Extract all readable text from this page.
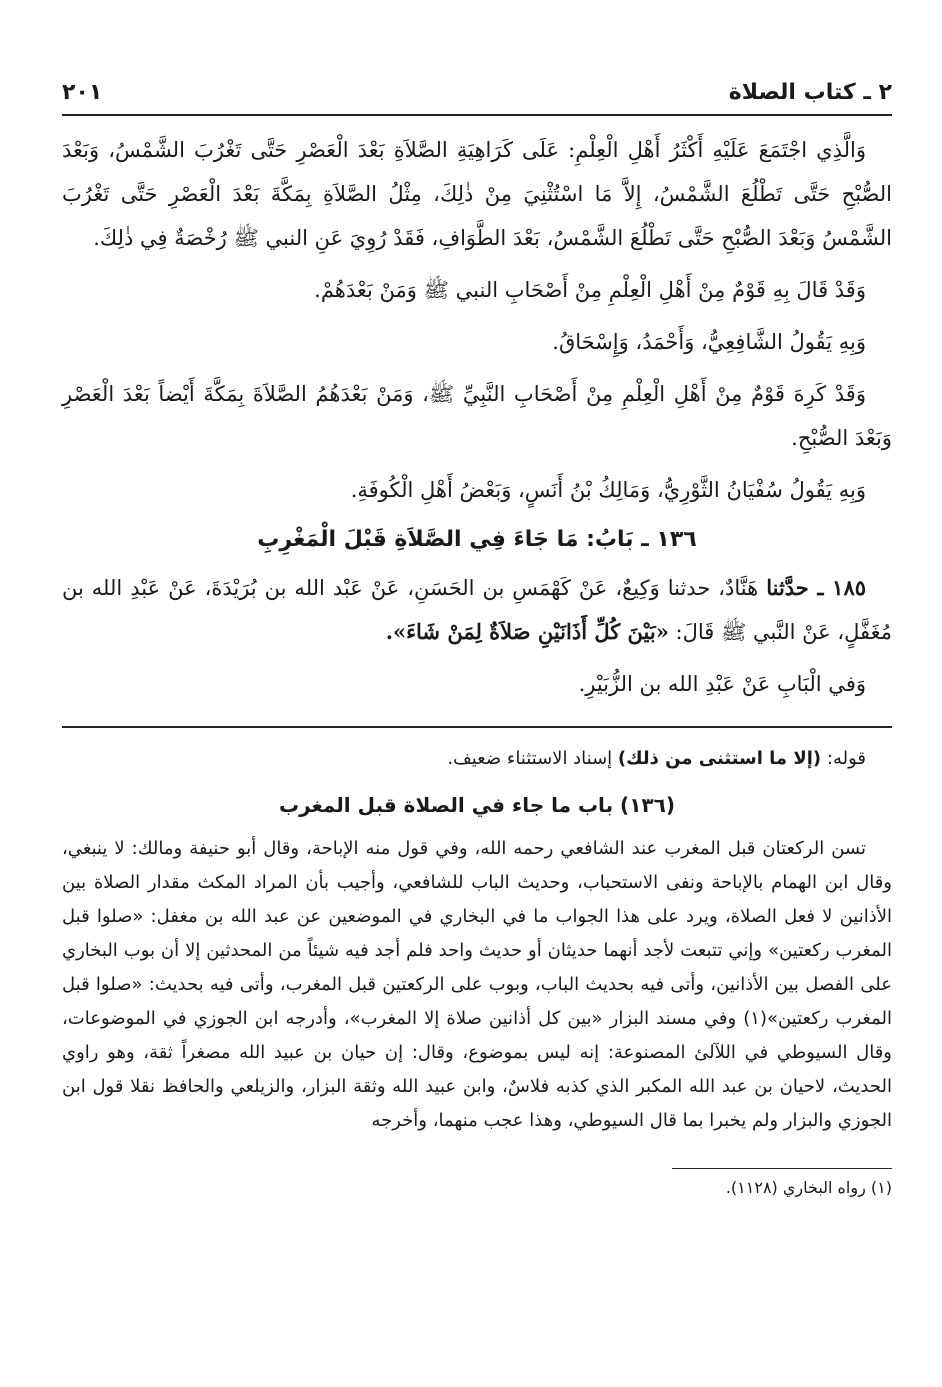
٢ ـ كتاب الصلاة
٢٠١

وَالَّذِي اجْتَمَعَ عَلَيْهِ أَكْثَرُ أَهْلِ الْعِلْمِ: عَلَى كَرَاهِيَةِ الصَّلاَةِ بَعْدَ الْعَصْرِ حَتَّى تَغْرُبَ الشَّمْسُ، وَبَعْدَ الصُّبْحِ حَتَّى تَطْلُعَ الشَّمْسُ، إِلاَّ مَا اسْتُثْنِيَ مِنْ ذٰلِكَ، مِثْلُ الصَّلاَةِ بِمَكَّةَ بَعْدَ الْعَصْرِ حَتَّى تَغْرُبَ الشَّمْسُ وَبَعْدَ الصُّبْحِ حَتَّى تَطْلُعَ الشَّمْسُ، بَعْدَ الطَّوَافِ، فَقَدْ رُوِيَ عَنِ النبي ﷺ رُخْصَةٌ فِي ذٰلِكَ.

وَقَدْ قَالَ بِهِ قَوْمٌ مِنْ أَهْلِ الْعِلْمِ مِنْ أَصْحَابِ النبي ﷺ وَمَنْ بَعْدَهُمْ.

وَبِهِ يَقُولُ الشَّافِعِيُّ، وَأَحْمَدُ، وَإِسْحَاقُ.

وَقَدْ كَرِهَ قَوْمٌ مِنْ أَهْلِ الْعِلْمِ مِنْ أَصْحَابِ النَّبِيِّ ﷺ، وَمَنْ بَعْدَهُمُ الصَّلاَةَ بِمَكَّةَ أَيْضاً بَعْدَ الْعَصْرِ وَبَعْدَ الصُّبْحِ.

وَبِهِ يَقُولُ سُفْيَانُ الثَّوْرِيُّ، وَمَالِكُ بْنُ أَنَسٍ، وَبَعْضُ أَهْلِ الْكُوفَةِ.

١٣٦ ـ بَابُ: مَا جَاءَ فِي الصَّلاَةِ قَبْلَ الْمَغْرِبِ

١٨٥ ـ حدَّثنا هَنَّادٌ، حدثنا وَكِيعٌ، عَنْ كَهْمَسِ بن الحَسَنِ، عَنْ عَبْد الله بن بُرَيْدَةَ، عَنْ عَبْدِ الله بن مُغَفَّلٍ، عَنْ النَّبي ﷺ قَالَ: «بَيْنَ كُلِّ أَذَانَيْنِ صَلاَةٌ لِمَنْ شَاءَ».

وَفي الْبَابِ عَنْ عَبْدِ الله بن الزُّبَيْرِ.

قوله: (إلا ما استثنى من ذلك) إسناد الاستثناء ضعيف.

(١٣٦) باب ما جاء في الصلاة قبل المغرب

تسن الركعتان قبل المغرب عند الشافعي رحمه الله، وفي قول منه الإباحة، وقال أبو حنيفة ومالك: لا ينبغي، وقال ابن الهمام بالإباحة ونفى الاستحباب، وحديث الباب للشافعي، وأجيب بأن المراد المكث مقدار الصلاة بين الأذانين لا فعل الصلاة، ويرد على هذا الجواب ما في البخاري في الموضعين عن عبد الله بن مغفل: «صلوا قبل المغرب ركعتين» وإني تتبعت لأجد أنهما حديثان أو حديث واحد فلم أجد فيه شيئاً من المحدثين إلا أن بوب البخاري على الفصل بين الأذانين، وأتى فيه بحديث الباب، وبوب على الركعتين قبل المغرب، وأتى فيه بحديث: «صلوا قبل المغرب ركعتين»(١) وفي مسند البزار «بين كل أذانين صلاة إلا المغرب»، وأدرجه ابن الجوزي في الموضوعات، وقال السيوطي في اللآلئ المصنوعة: إنه ليس بموضوع، وقال: إن حيان بن عبيد الله مصغراً ثقة، وهو راوي الحديث، لاحيان بن عبد الله المكبر الذي كذبه فلاسٌ، وابن عبيد الله وثقة البزار، والزيلعي والحافظ نقلا قول ابن الجوزي والبزار ولم يخبرا بما قال السيوطي، وهذا عجب منهما، وأخرجه

(١) رواه البخاري (١١٢٨).
